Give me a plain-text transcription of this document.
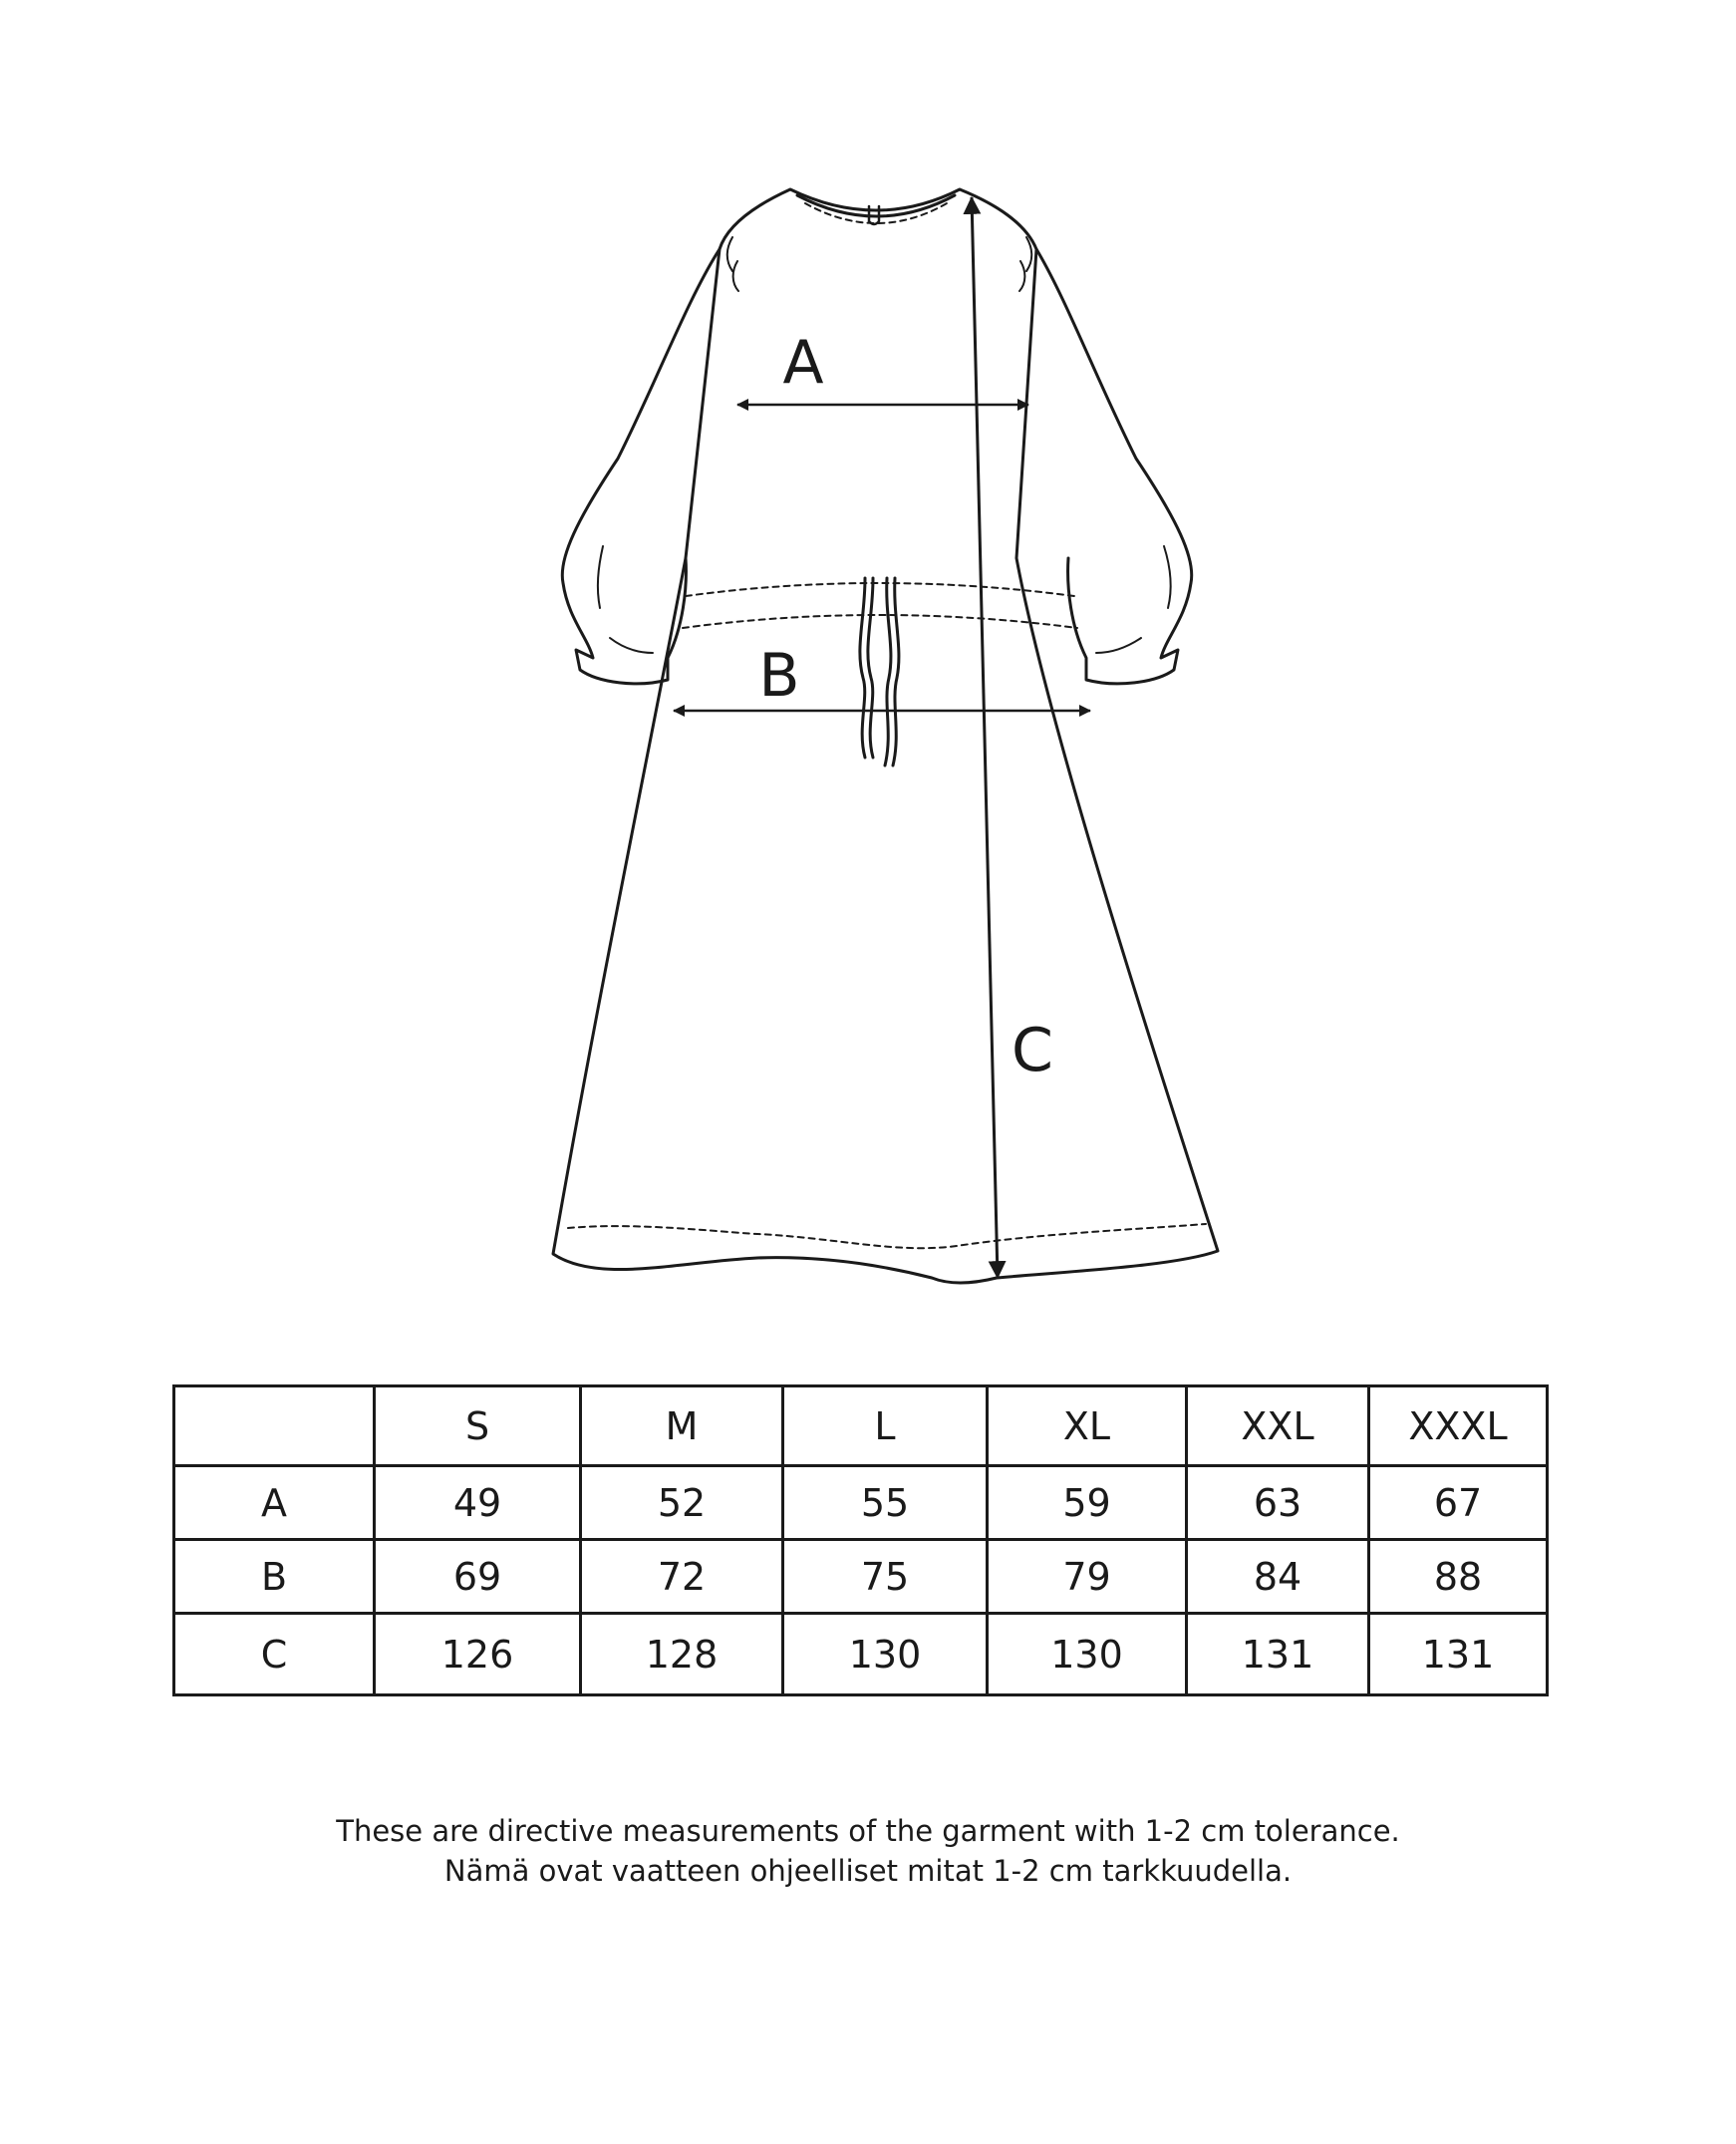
A
B
C
	S	M	L	XL	XXL	XXXL
A	49	52	55	59	63	67
B	69	72	75	79	84	88
C	126	128	130	130	131	131
These are directive measurements of the garment with 1-2 cm tolerance.
Nämä ovat vaatteen ohjeelliset mitat 1-2 cm tarkkuudella.
